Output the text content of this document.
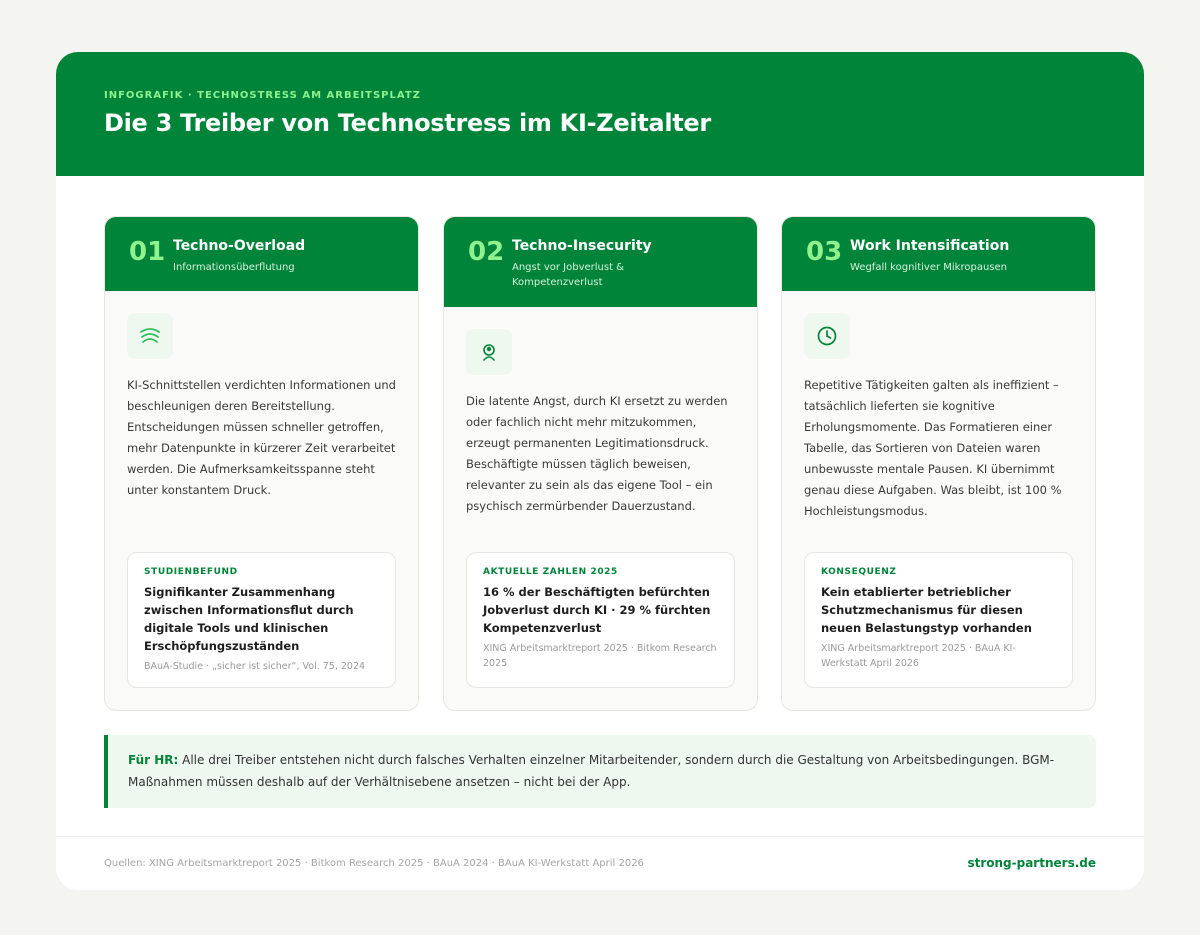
INFOGRAFIK · TECHNOSTRESS AM ARBEITSPLATZ
Die 3 Treiber von Technostress im KI-Zeitalter
01 Techno-Overload
Informationsüberflutung
KI-Schnittstellen verdichten Informationen und beschleunigen deren Bereitstellung. Entscheidungen müssen schneller getroffen, mehr Datenpunkte in kürzerer Zeit verarbeitet werden. Die Aufmerksamkeitsspanne steht unter konstantem Druck.
STUDIENBEFUND
Signifikanter Zusammenhang zwischen Informationsflut durch digitale Tools und klinischen Erschöpfungszuständen
BAuA-Studie · „sicher ist sicher“, Vol. 75, 2024
02 Techno-Insecurity
Angst vor Jobverlust & Kompetenzverlust
Die latente Angst, durch KI ersetzt zu werden oder fachlich nicht mehr mitzukommen, erzeugt permanenten Legitimationsdruck. Beschäftigte müssen täglich beweisen, relevanter zu sein als das eigene Tool – ein psychisch zermürbender Dauerzustand.
AKTUELLE ZAHLEN 2025
16 % der Beschäftigten befürchten Jobverlust durch KI · 29 % fürchten Kompetenzverlust
XING Arbeitsmarktreport 2025 · Bitkom Research 2025
03 Work Intensification
Wegfall kognitiver Mikropausen
Repetitive Tätigkeiten galten als ineffizient – tatsächlich lieferten sie kognitive Erholungsmomente. Das Formatieren einer Tabelle, das Sortieren von Dateien waren unbewusste mentale Pausen. KI übernimmt genau diese Aufgaben. Was bleibt, ist 100 % Hochleistungsmodus.
KONSEQUENZ
Kein etablierter betrieblicher Schutzmechanismus für diesen neuen Belastungstyp vorhanden
XING Arbeitsmarktreport 2025 · BAuA KI-Werkstatt April 2026
Für HR: Alle drei Treiber entstehen nicht durch falsches Verhalten einzelner Mitarbeitender, sondern durch die Gestaltung von Arbeitsbedingungen. BGM-Maßnahmen müssen deshalb auf der Verhältnisebene ansetzen – nicht bei der App.
Quellen: XING Arbeitsmarktreport 2025 · Bitkom Research 2025 · BAuA 2024 · BAuA KI-Werkstatt April 2026	strong-partners.de
